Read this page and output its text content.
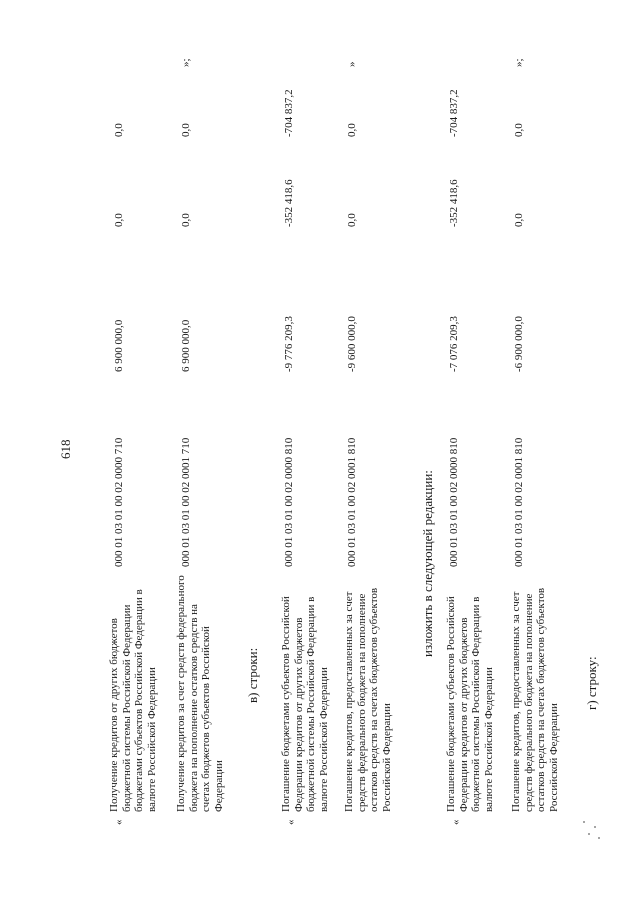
618
«
Получение кредитов от других бюджетов бюджетной системы Российской Федерации бюджетами субъектов Российской Федерации в валюте Российской Федерации
000 01 03 01 00 02 0000 710
6 900 000,0
Получение кредитов за счет средств федерального бюджета на пополнение остатков средств на счетах бюджетов субъектов Российской Федерации
000 01 03 01 00 02 0001 710
6 900 000,0
в) строки:
«
Погашение бюджетами субъектов Российской Федерации кредитов от других бюджетов бюджетной системы Российской Федерации в валюте Российской Федерации
000 01 03 01 00 02 0000 810
-9 776 209,3
Погашение кредитов, предоставленных за счет средств федерального бюджета на пополнение остатков средств на счетах бюджетов субъектов Российской Федерации
000 01 03 01 00 02 0001 810
-9 600 000,0
изложить в следующей редакции:
«
Погашение бюджетами субъектов Российской Федерации кредитов от других бюджетов бюджетной системы Российской Федерации в валюте Российской Федерации
000 01 03 01 00 02 0000 810
-7 076 209,3
Погашение кредитов, предоставленных за счет средств федерального бюджета на пополнение остатков средств на счетах бюджетов субъектов Российской Федерации
000 01 03 01 00 02 0001 810
-6 900 000,0
г) строку:
0,0
0,0
0,0
0,0
»;
-352 418,6
-704 837,2
0,0
0,0
»
-352 418,6
-704 837,2
0,0
0,0
»;
